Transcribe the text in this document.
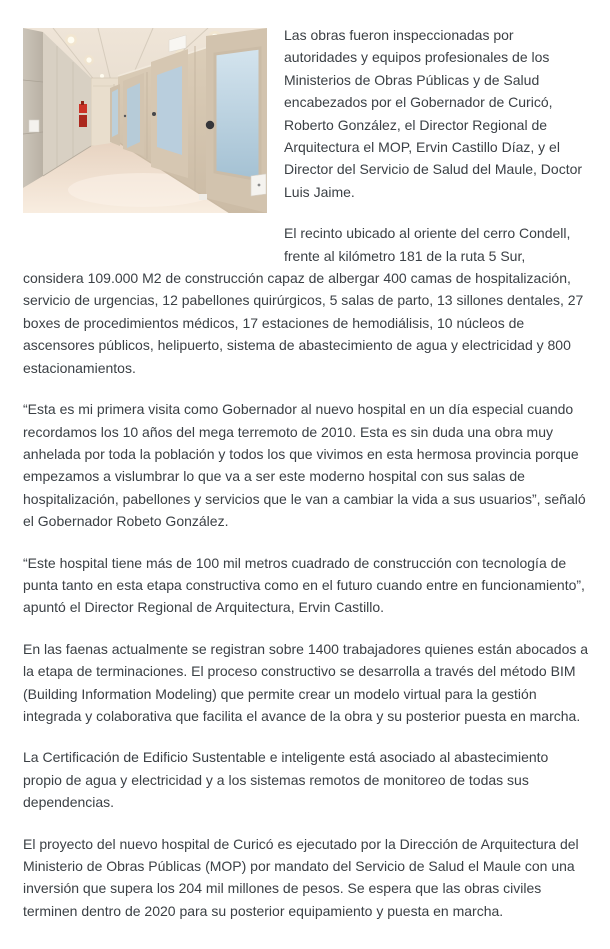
Las obras fueron inspeccionadas por autoridades y equipos profesionales de los Ministerios de Obras Públicas y de Salud encabezados por el Gobernador de Curicó, Roberto González, el Director Regional de Arquitectura el MOP, Ervin Castillo Díaz, y el Director del Servicio de Salud del Maule, Doctor Luis Jaime.

El recinto ubicado al oriente del cerro Condell, frente al kilómetro 181 de la ruta 5 Sur, considera 109.000 M2 de construcción capaz de albergar 400 camas de hospitalización, servicio de urgencias, 12 pabellones quirúrgicos, 5 salas de parto, 13 sillones dentales, 27 boxes de procedimientos médicos, 17 estaciones de hemodiálisis, 10 núcleos de ascensores públicos, helipuerto, sistema de abastecimiento de agua y electricidad y 800 estacionamientos.

“Esta es mi primera visita como Gobernador al nuevo hospital en un día especial cuando recordamos los 10 años del mega terremoto de 2010. Esta es sin duda una obra muy anhelada por toda la población y todos los que vivimos en esta hermosa provincia porque empezamos a vislumbrar lo que va a ser este moderno hospital con sus salas de hospitalización, pabellones y servicios que le van a cambiar la vida a sus usuarios”, señaló el Gobernador Robeto González.

“Este hospital tiene más de 100 mil metros cuadrado de construcción con tecnología de punta tanto en esta etapa constructiva como en el futuro cuando entre en funcionamiento”, apuntó el Director Regional de Arquitectura, Ervin Castillo.

En las faenas actualmente se registran sobre 1400 trabajadores quienes están abocados a la etapa de terminaciones. El proceso constructivo se desarrolla a través del método BIM (Building Information Modeling) que permite crear un modelo virtual para la gestión integrada y colaborativa que facilita el avance de la obra y su posterior puesta en marcha.

La Certificación de Edificio Sustentable e inteligente está asociado al abastecimiento propio de agua y electricidad y a los sistemas remotos de monitoreo de todas sus dependencias.

El proyecto del nuevo hospital de Curicó es ejecutado por la Dirección de Arquitectura del Ministerio de Obras Públicas (MOP) por mandato del Servicio de Salud el Maule con una inversión que supera los 204 mil millones de pesos. Se espera que las obras civiles terminen dentro de 2020 para su posterior equipamiento y puesta en marcha.
